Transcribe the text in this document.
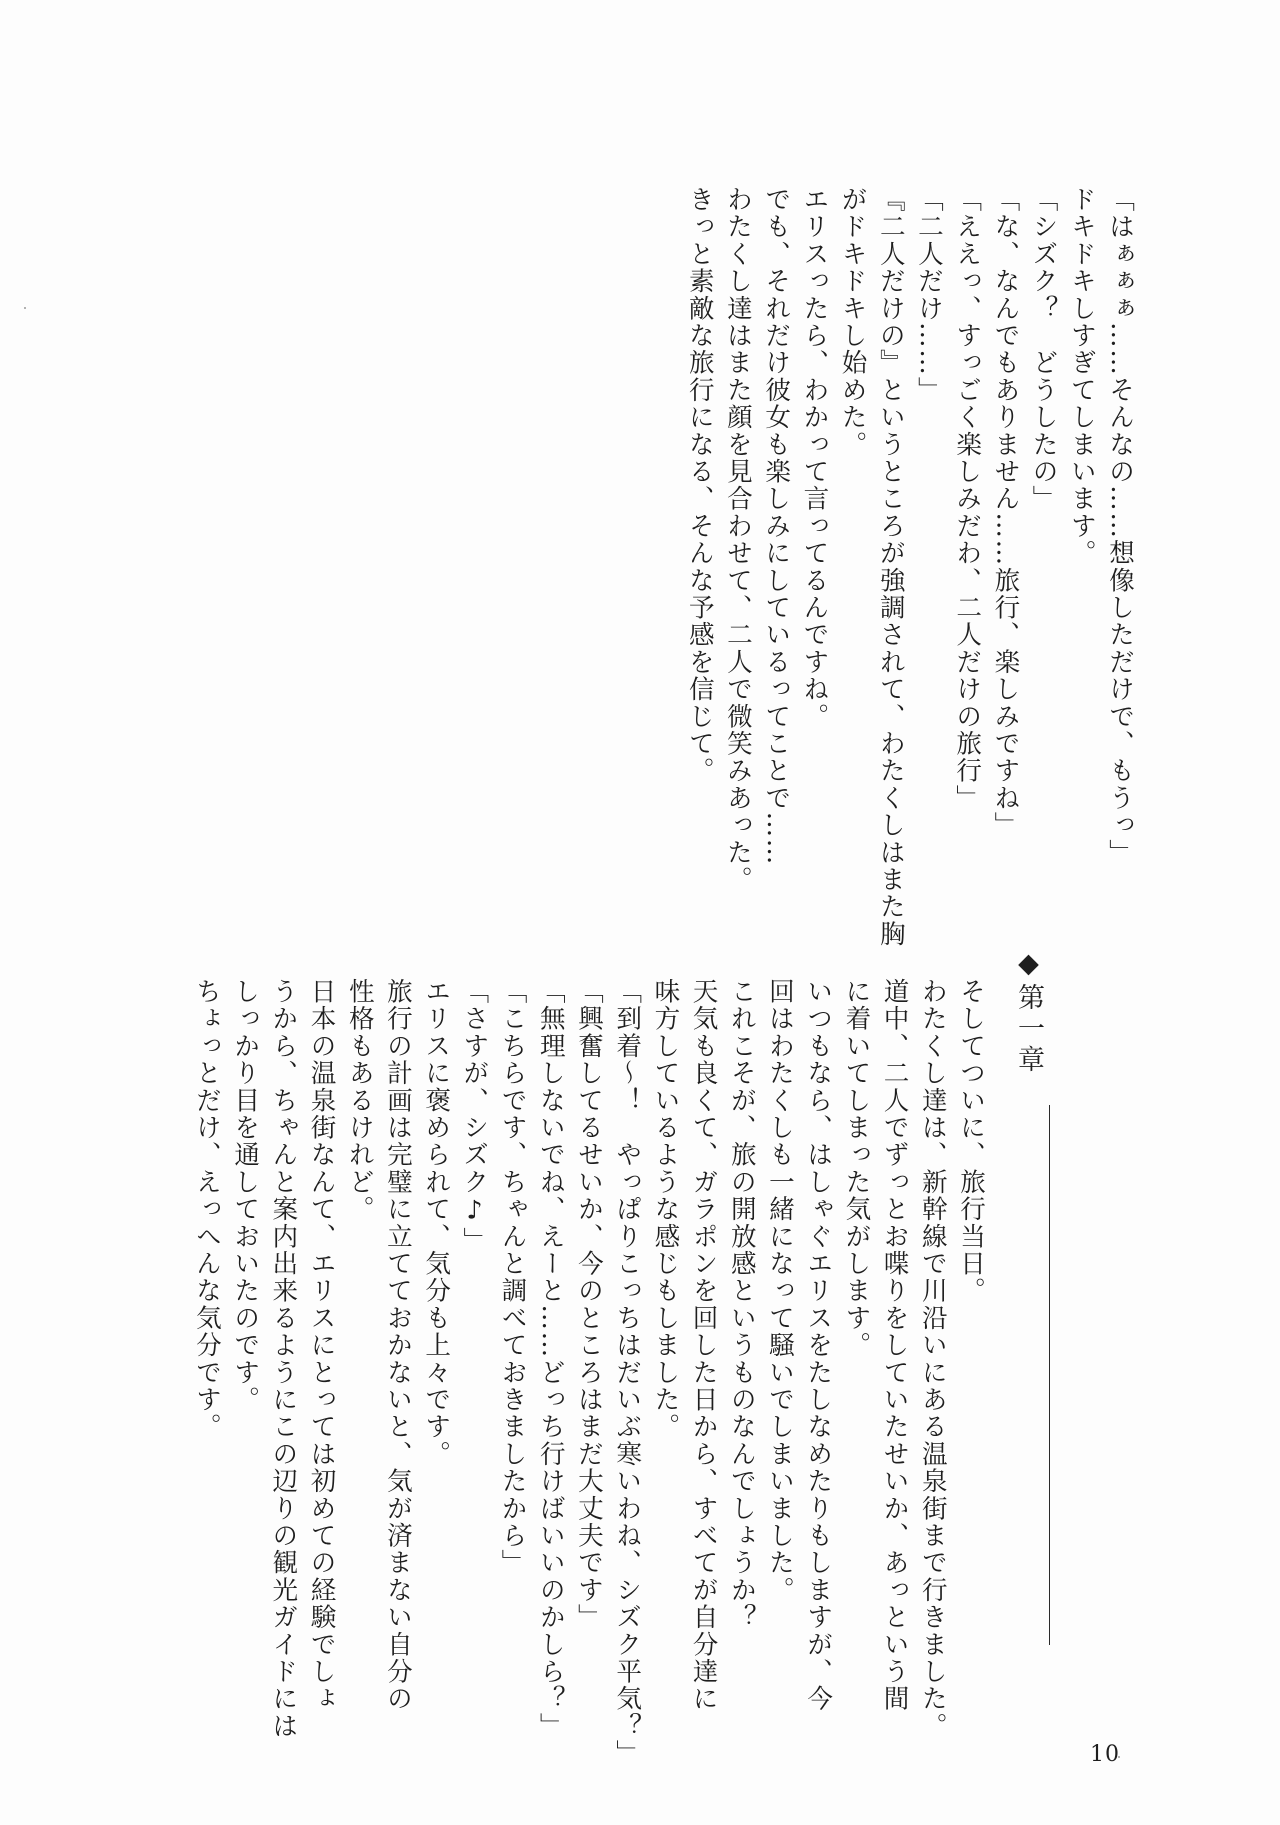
「はぁぁぁ……そんなの……想像しただけで、もうっ」

ドキドキしすぎてしまいます。

「シズク？　どうしたの」

「な、なんでもありません……旅行、楽しみですね」

「ええっ、すっごく楽しみだわ、二人だけの旅行」

「二人だけ……」

『二人だけの』というところが強調されて、わたくしはまた胸

がドキドキし始めた。

エリスったら、わかって言ってるんですね。

でも、それだけ彼女も楽しみにしているってことで……

わたくし達はまた顔を見合わせて、二人で微笑みあった。

きっと素敵な旅行になる、そんな予感を信じて。

◆第一章

そしてついに、旅行当日。

わたくし達は、新幹線で川沿いにある温泉街まで行きました。

道中、二人でずっとお喋りをしていたせいか、あっという間

に着いてしまった気がします。

いつもなら、はしゃぐエリスをたしなめたりもしますが、今

回はわたくしも一緒になって騒いでしまいました。

これこそが、旅の開放感というものなんでしょうか？

天気も良くて、ガラポンを回した日から、すべてが自分達に

味方しているような感じもしました。

「到着～！　やっぱりこっちはだいぶ寒いわね、シズク平気？」

「興奮してるせいか、今のところはまだ大丈夫です」

「無理しないでね、えーと……どっち行けばいいのかしら？」

「こちらです、ちゃんと調べておきましたから」

「さすが、シズク♪」

エリスに褒められて、気分も上々です。

旅行の計画は完璧に立てておかないと、気が済まない自分の

性格もあるけれど。

日本の温泉街なんて、エリスにとっては初めての経験でしょ

うから、ちゃんと案内出来るようにこの辺りの観光ガイドには

しっかり目を通しておいたのです。

ちょっとだけ、えっへんな気分です。

10
